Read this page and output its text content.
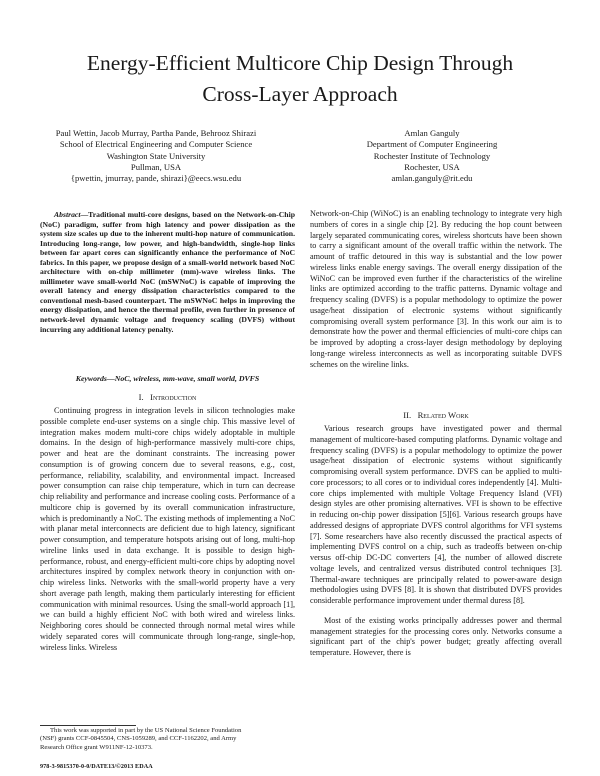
Energy-Efficient Multicore Chip Design Through
Cross-Layer Approach
Paul Wettin, Jacob Murray, Partha Pande, Behrooz Shirazi
School of Electrical Engineering and Computer Science
Washington State University
Pullman, USA
{pwettin, jmurray, pande, shirazi}@eecs.wsu.edu
Amlan Ganguly
Department of Computer Engineering
Rochester Institute of Technology
Rochester, USA
amlan.ganguly@rit.edu

Abstract—Traditional multi-core designs, based on the Network-on-Chip (NoC) paradigm, suffer from high latency and power dissipation as the system size scales up due to the inherent multi-hop nature of communication. Introducing long-range, low power, and high-bandwidth, single-hop links between far apart cores can significantly enhance the performance of NoC fabrics. In this paper, we propose design of a small-world network based NoC architecture with on-chip millimeter (mm)-wave wireless links. The millimeter wave small-world NoC (mSWNoC) is capable of improving the overall latency and energy dissipation characteristics compared to the conventional mesh-based counterpart. The mSWNoC helps in improving the energy dissipation, and hence the thermal profile, even further in presence of network-level dynamic voltage and frequency scaling (DVFS) without incurring any additional latency penalty.

Keywords—NoC, wireless, mm-wave, small world, DVFS

I. Introduction

Continuing progress in integration levels in silicon technologies make possible complete end-user systems on a single chip. This massive level of integration makes modern multi-core chips widely adoptable in multiple domains. In the design of high-performance massively multi-core chips, power and heat are the dominant constraints. The increasing power consumption is of growing concern due to several reasons, e.g., cost, performance, reliability, scalability, and environmental impact. Increased power consumption can raise chip temperature, which in turn can decrease chip reliability and performance and increase cooling costs. Performance of a multicore chip is governed by its overall communication infrastructure, which is predominantly a NoC. The existing methods of implementing a NoC with planar metal interconnects are deficient due to high latency, significant power consumption, and temperature hotspots arising out of long, multi-hop wireline links used in data exchange. It is possible to design high-performance, robust, and energy-efficient multi-core chips by adopting novel architectures inspired by complex network theory in conjunction with on-chip wireless links. Networks with the small-world property have a very short average path length, making them particularly interesting for efficient communication with minimal resources. Using the small-world approach [1], we can build a highly efficient NoC with both wired and wireless links. Neighboring cores should be connected through normal metal wires while widely separated cores will communicate through long-range, single-hop, wireless links. Wireless

Network-on-Chip (WiNoC) is an enabling technology to integrate very high numbers of cores in a single chip [2]. By reducing the hop count between largely separated communicating cores, wireless shortcuts have been shown to carry a significant amount of the overall traffic within the network. The amount of traffic detoured in this way is substantial and the low power wireless links enable energy savings. The overall energy dissipation of the WiNoC can be improved even further if the characteristics of the wireline links are optimized according to the traffic patterns. Dynamic voltage and frequency scaling (DVFS) is a popular methodology to optimize the power usage/heat dissipation of electronic systems without significantly compromising overall system performance [3]. In this work our aim is to demonstrate how the power and thermal efficiencies of multi-core chips can be improved by adopting a cross-layer design methodology by deploying long-range wireless interconnects as well as incorporating suitable DVFS schemes on the wireline links.

II. Related Work

Various research groups have investigated power and thermal management of multicore-based computing platforms. Dynamic voltage and frequency scaling (DVFS) is a popular methodology to optimize the power usage/heat dissipation of electronic systems without significantly compromising overall system performance. DVFS can be applied to multi-core processors; to all cores or to individual cores independently [4]. Multi-core chips implemented with multiple Voltage Frequency Island (VFI) design styles are other promising alternatives. VFI is shown to be effective in reducing on-chip power dissipation [5][6]. Various research groups have addressed designs of appropriate DVFS control algorithms for VFI systems [7]. Some researchers have also recently discussed the practical aspects of implementing DVFS control on a chip, such as tradeoffs between on-chip versus off-chip DC-DC converters [4], the number of allowed discrete voltage levels, and centralized versus distributed control techniques [3]. Thermal-aware techniques are principally related to power-aware design methodologies using DVFS [8]. It is shown that distributed DVFS provides considerable performance improvement under thermal duress [8].

Most of the existing works principally addresses power and thermal management strategies for the processing cores only. Networks consume a significant part of the chip's power budget; greatly affecting overall temperature. However, there is

This work was supported in part by the US National Science Foundation
(NSF) grants CCF-0845504, CNS-1059289, and CCF-1162202, and Army
Research Office grant W911NF-12-10373.
978-3-9815370-0-0/DATE13/©2013 EDAA
